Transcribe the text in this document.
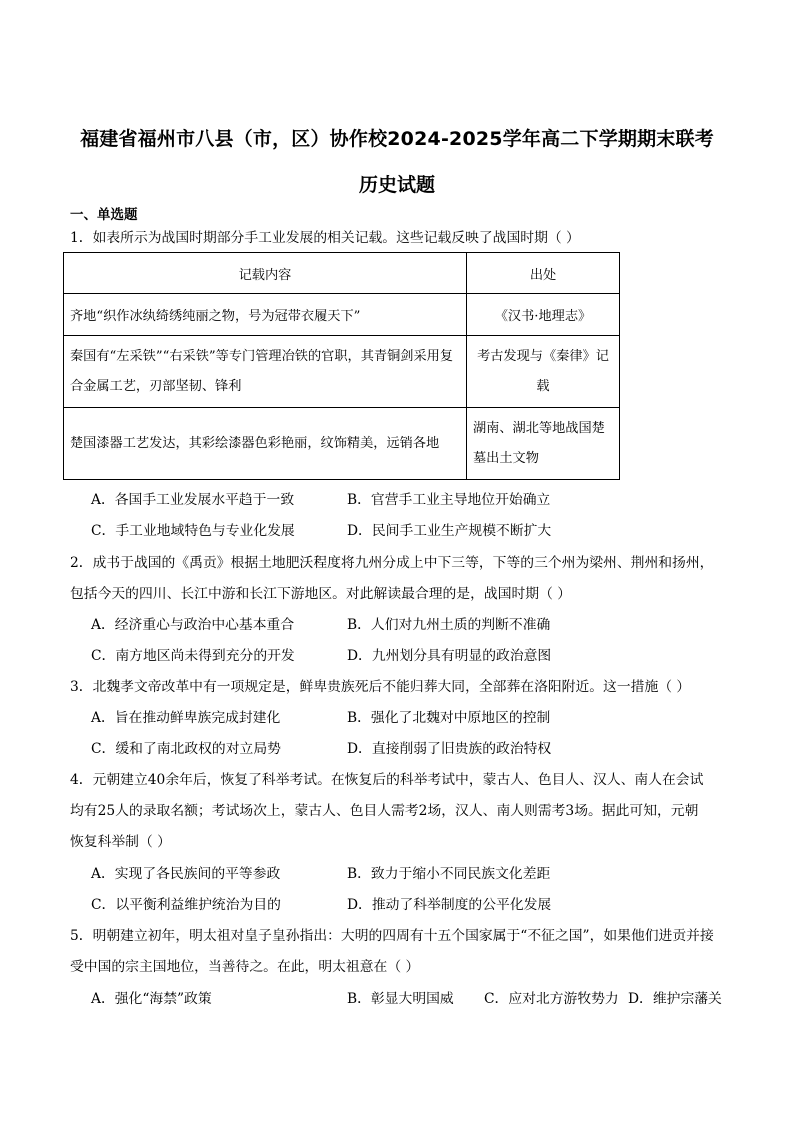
福建省福州市八县（市，区）协作校2024-2025学年高二下学期期末联考
历史试题
一、单选题
1．如表所示为战国时期部分手工业发展的相关记载。这些记载反映了战国时期（ ）
记载内容	出处
齐地“织作冰纨绮绣纯丽之物，号为冠带衣履天下”	《汉书·地理志》
秦国有“左采铁”“右采铁”等专门管理冶铁的官职，其青铜剑采用复合金属工艺，刃部坚韧、锋利	考古发现与《秦律》记载
楚国漆器工艺发达，其彩绘漆器色彩艳丽，纹饰精美，远销各地	湖南、湖北等地战国楚墓出土文物
A．各国手工业发展水平趋于一致	B．官营手工业主导地位开始确立
C．手工业地域特色与专业化发展	D．民间手工业生产规模不断扩大
2．成书于战国的《禹贡》根据土地肥沃程度将九州分成上中下三等，下等的三个州为梁州、荆州和扬州，
包括今天的四川、长江中游和长江下游地区。对此解读最合理的是，战国时期（ ）
A．经济重心与政治中心基本重合	B．人们对九州土质的判断不准确
C．南方地区尚未得到充分的开发	D．九州划分具有明显的政治意图
3．北魏孝文帝改革中有一项规定是，鲜卑贵族死后不能归葬大同，全部葬在洛阳附近。这一措施（ ）
A．旨在推动鲜卑族完成封建化	B．强化了北魏对中原地区的控制
C．缓和了南北政权的对立局势	D．直接削弱了旧贵族的政治特权
4．元朝建立40余年后，恢复了科举考试。在恢复后的科举考试中，蒙古人、色目人、汉人、南人在会试
均有25人的录取名额；考试场次上，蒙古人、色目人需考2场，汉人、南人则需考3场。据此可知，元朝
恢复科举制（ ）
A．实现了各民族间的平等参政	B．致力于缩小不同民族文化差距
C．以平衡利益维护统治为目的	D．推动了科举制度的公平化发展
5．明朝建立初年，明太祖对皇子皇孙指出：大明的四周有十五个国家属于“不征之国”，如果他们进贡并接
受中国的宗主国地位，当善待之。在此，明太祖意在（ ）
A．强化“海禁”政策	B．彰显大明国威 C．应对北方游牧势力 D．维护宗藩关
